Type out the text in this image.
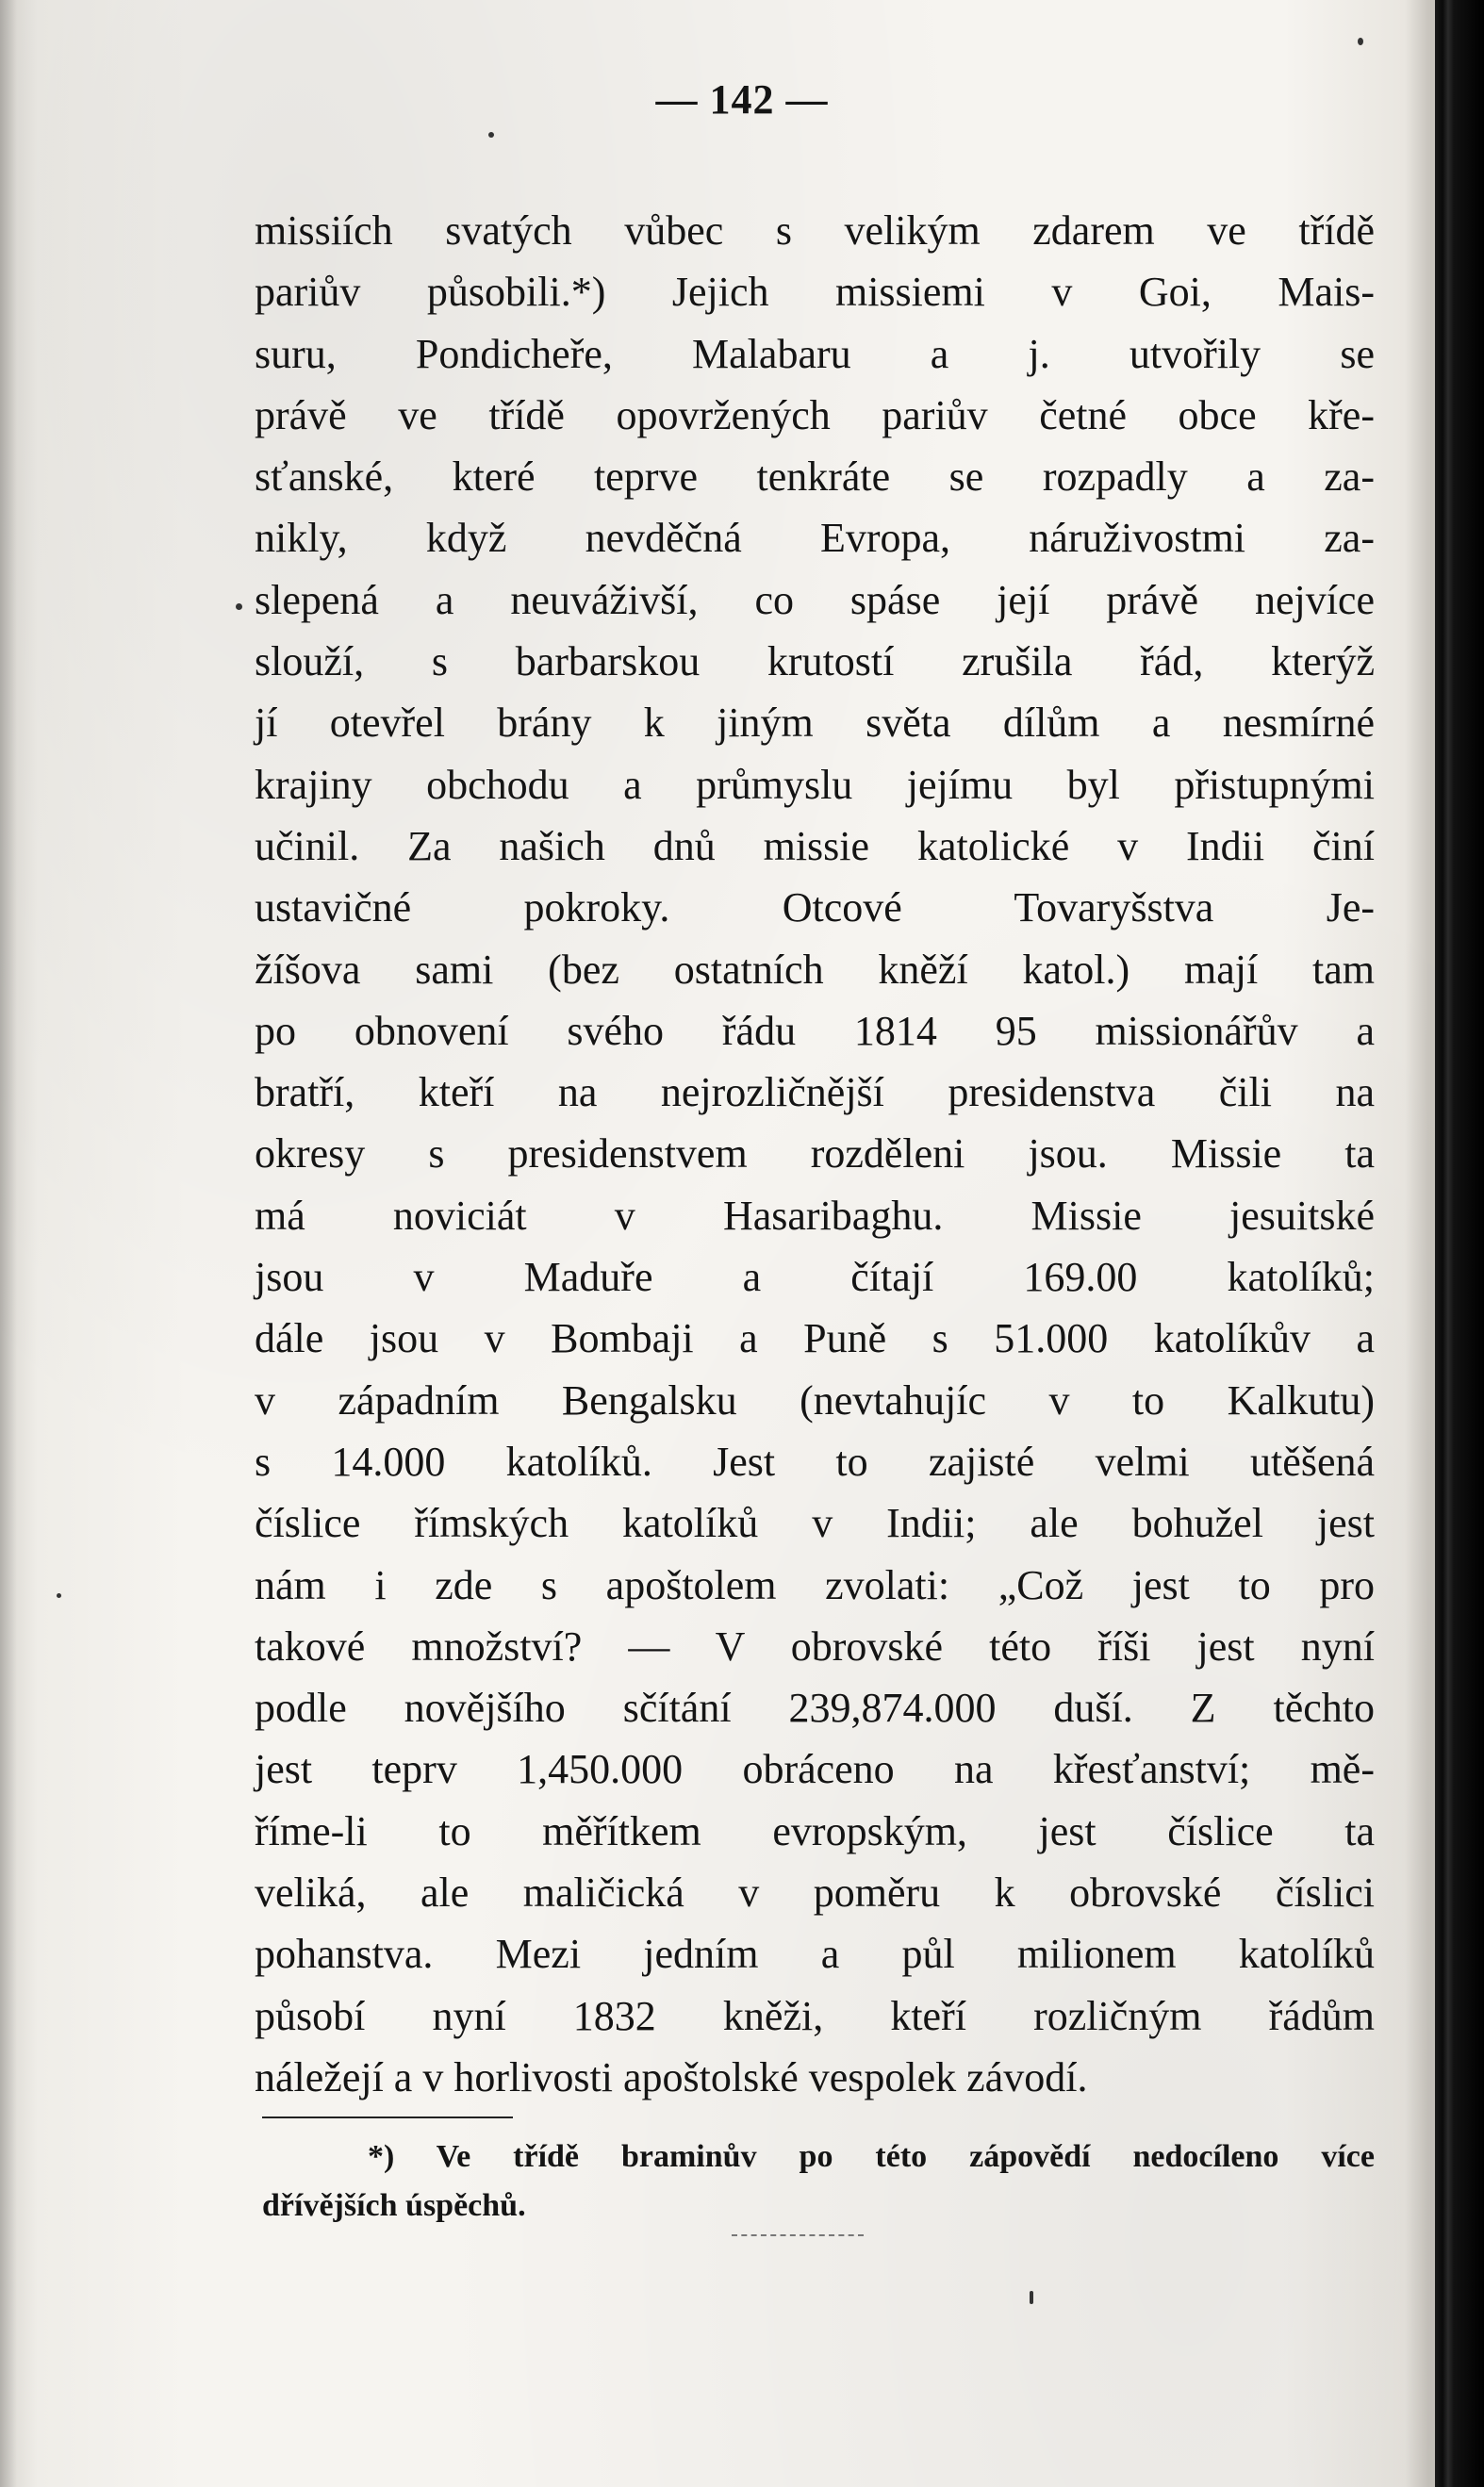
— 142 —
missiích svatých vůbec s velikým zdarem ve třídě
pariův působili.*) Jejich missiemi v Goi, Mais-
suru, Pondicheře, Malabaru a j. utvořily se
právě ve třídě opovržených pariův četné obce kře-
sťanské, které teprve tenkráte se rozpadly a za-
nikly, když nevděčná Evropa, náruživostmi za-
slepená a neuváživší, co spáse její právě nejvíce
slouží, s barbarskou krutostí zrušila řád, kterýž
jí otevřel brány k jiným světa dílům a nesmírné
krajiny obchodu a průmyslu jejímu byl přistupnými
učinil. Za našich dnů missie katolické v Indii činí
ustavičné pokroky. Otcové Tovaryšstva Je-
žíšova sami (bez ostatních kněží katol.) mají tam
po obnovení svého řádu 1814 95 missionářův a
bratří, kteří na nejrozličnější presidenstva čili na
okresy s presidenstvem rozděleni jsou. Missie ta
má noviciát v Hasaribaghu. Missie jesuitské
jsou v Maduře a čítají 169.00 katolíků;
dále jsou v Bombaji a Puně s 51.000 katolíkův a
v západním Bengalsku (nevtahujíc v to Kalkutu)
s 14.000 katolíků. Jest to zajisté velmi utěšená
číslice římských katolíků v Indii; ale bohužel jest
nám i zde s apoštolem zvolati: „Což jest to pro
takové množství? — V obrovské této říši jest nyní
podle novějšího sčítání 239,874.000 duší. Z těchto
jest teprv 1,450.000 obráceno na křesťanství; mě-
říme-li to měřítkem evropským, jest číslice ta
veliká, ale maličická v poměru k obrovské číslici
pohanstva. Mezi jedním a půl milionem katolíků
působí nyní 1832 kněži, kteří rozličným řádům
náležejí a v horlivosti apoštolské vespolek závodí.
*) Ve třídě braminův po této zápovědí nedocíleno více
dřívějších úspěchů.
